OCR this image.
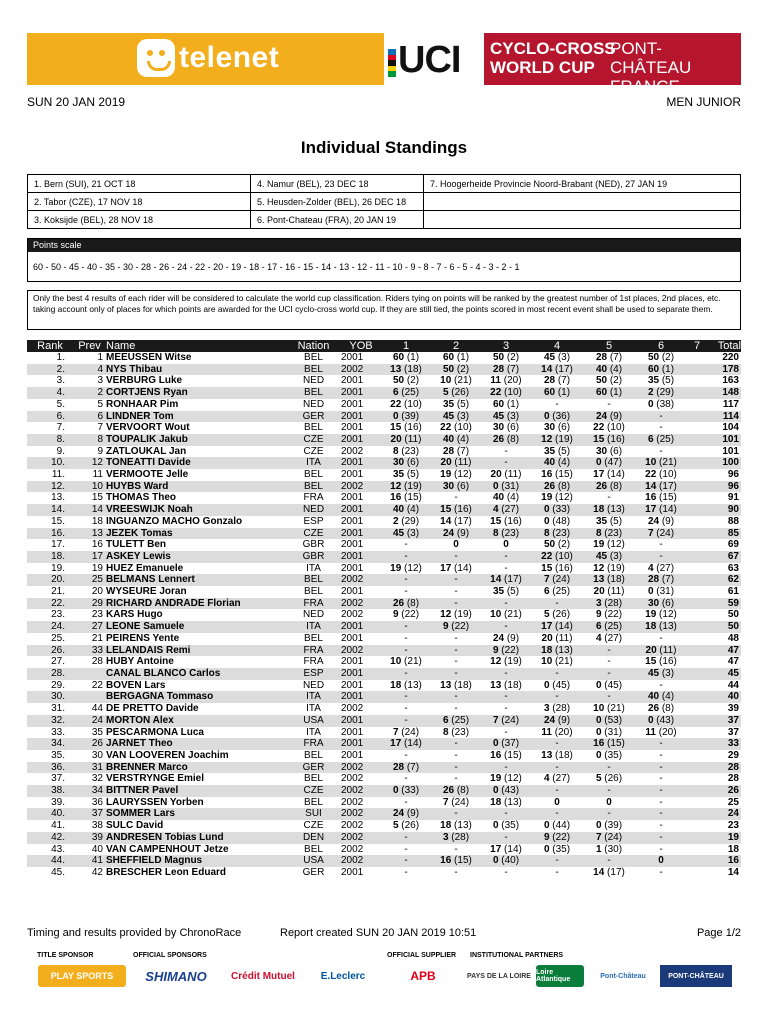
telenet	UCI CYCLO-CROSS
WORLD CUP
PONT-CHÂTEAU
FRANCE
SUN 20 JAN 2019	MEN JUNIOR
Individual Standings
1. Bern (SUI), 21 OCT 18	4. Namur (BEL), 23 DEC 18	7. Hoogerheide Provincie Noord-Brabant (NED), 27 JAN 19
2. Tabor (CZE), 17 NOV 18	5. Heusden-Zolder (BEL), 26 DEC 18	
3. Koksijde (BEL), 28 NOV 18	6. Pont-Chateau (FRA), 20 JAN 19	
Points scale
60 - 50 - 45 - 40 - 35 - 30 - 28 - 26 - 24 - 22 - 20 - 19 - 18 - 17 - 16 - 15 - 14 - 13 - 12 - 11 - 10 - 9 - 8 - 7 - 6 - 5 - 4 - 3 - 2 - 1
Only the best 4 results of each rider will be considered to calculate the world cup classification. Riders tying on points will be ranked by the greatest number of 1st places, 2nd places, etc. taking account only of places for which points are awarded for the UCI cyclo-cross world cup. If they are still tied, the points scored in most recent event shall be used to separate them.
Rank	Prev	Name	Nation	YOB	1	2	3	4	5	6	7	Total
1.	1	MEEUSSEN Witse	BEL	2001	60 (1)	60 (1)	50 (2)	45 (3)	28 (7)	50 (2)		220
2.	4	NYS Thibau	BEL	2002	13 (18)	50 (2)	28 (7)	14 (17)	40 (4)	60 (1)		178
3.	3	VERBURG Luke	NED	2001	50 (2)	10 (21)	11 (20)	28 (7)	50 (2)	35 (5)		163
4.	2	CORTJENS Ryan	BEL	2001	6 (25)	5 (26)	22 (10)	60 (1)	60 (1)	2 (29)		148
5.	5	RONHAAR Pim	NED	2001	22 (10)	35 (5)	60 (1)	-	-	0 (38)		117
6.	6	LINDNER Tom	GER	2001	0 (39)	45 (3)	45 (3)	0 (36)	24 (9)	-		114
7.	7	VERVOORT Wout	BEL	2001	15 (16)	22 (10)	30 (6)	30 (6)	22 (10)	-		104
8.	8	TOUPALIK Jakub	CZE	2001	20 (11)	40 (4)	26 (8)	12 (19)	15 (16)	6 (25)		101
9.	9	ZATLOUKAL Jan	CZE	2002	8 (23)	28 (7)	-	35 (5)	30 (6)	-		101
10.	12	TONEATTI Davide	ITA	2001	30 (6)	20 (11)	-	40 (4)	0 (47)	10 (21)		100
11.	11	VERMOOTE Jelle	BEL	2001	35 (5)	19 (12)	20 (11)	16 (15)	17 (14)	22 (10)		96
12.	10	HUYBS Ward	BEL	2002	12 (19)	30 (6)	0 (31)	26 (8)	26 (8)	14 (17)		96
13.	15	THOMAS Theo	FRA	2001	16 (15)	-	40 (4)	19 (12)	-	16 (15)		91
14.	14	VREESWIJK Noah	NED	2001	40 (4)	15 (16)	4 (27)	0 (33)	18 (13)	17 (14)		90
15.	18	INGUANZO MACHO Gonzalo	ESP	2001	2 (29)	14 (17)	15 (16)	0 (48)	35 (5)	24 (9)		88
16.	13	JEZEK Tomas	CZE	2001	45 (3)	24 (9)	8 (23)	8 (23)	8 (23)	7 (24)		85
17.	16	TULETT Ben	GBR	2001	-	0	0	50 (2)	19 (12)	-		69
18.	17	ASKEY Lewis	GBR	2001	-	-	-	22 (10)	45 (3)	-		67
19.	19	HUEZ Emanuele	ITA	2001	19 (12)	17 (14)	-	15 (16)	12 (19)	4 (27)		63
20.	25	BELMANS Lennert	BEL	2002	-	-	14 (17)	7 (24)	13 (18)	28 (7)		62
21.	20	WYSEURE Joran	BEL	2001	-	-	35 (5)	6 (25)	20 (11)	0 (31)		61
22.	29	RICHARD ANDRADE Florian	FRA	2002	26 (8)	-	-	-	3 (28)	30 (6)		59
23.	23	KARS Hugo	NED	2002	9 (22)	12 (19)	10 (21)	5 (26)	9 (22)	19 (12)		50
24.	27	LEONE Samuele	ITA	2001	-	9 (22)	-	17 (14)	6 (25)	18 (13)		50
25.	21	PEIRENS Yente	BEL	2001	-	-	24 (9)	20 (11)	4 (27)	-		48
26.	33	LELANDAIS Remi	FRA	2002	-	-	9 (22)	18 (13)	-	20 (11)		47
27.	28	HUBY Antoine	FRA	2001	10 (21)	-	12 (19)	10 (21)	-	15 (16)		47
28.		CANAL BLANCO Carlos	ESP	2001	-	-	-	-	-	45 (3)		45
29.	22	BOVEN Lars	NED	2001	18 (13)	13 (18)	13 (18)	0 (45)	0 (45)	-		44
30.		BERGAGNA Tommaso	ITA	2001	-	-	-	-	-	40 (4)		40
31.	44	DE PRETTO Davide	ITA	2002	-	-	-	3 (28)	10 (21)	26 (8)		39
32.	24	MORTON Alex	USA	2001	-	6 (25)	7 (24)	24 (9)	0 (53)	0 (43)		37
33.	35	PESCARMONA Luca	ITA	2001	7 (24)	8 (23)	-	11 (20)	0 (31)	11 (20)		37
34.	26	JARNET Theo	FRA	2001	17 (14)	-	0 (37)	-	16 (15)	-		33
35.	30	VAN LOOVEREN Joachim	BEL	2001	-	-	16 (15)	13 (18)	0 (35)	-		29
36.	31	BRENNER Marco	GER	2002	28 (7)	-	-	-	-	-		28
37.	32	VERSTRYNGE Emiel	BEL	2002	-	-	19 (12)	4 (27)	5 (26)	-		28
38.	34	BITTNER Pavel	CZE	2002	0 (33)	26 (8)	0 (43)	-	-	-		26
39.	36	LAURYSSEN Yorben	BEL	2002	-	7 (24)	18 (13)	0	0	-		25
40.	37	SOMMER Lars	SUI	2002	24 (9)	-	-	-	-	-		24
41.	38	SULC David	CZE	2002	5 (26)	18 (13)	0 (35)	0 (44)	0 (39)	-		23
42.	39	ANDRESEN Tobias Lund	DEN	2002	-	3 (28)	-	9 (22)	7 (24)	-		19
43.	40	VAN CAMPENHOUT Jetze	BEL	2002	-	-	17 (14)	0 (35)	1 (30)	-		18
44.	41	SHEFFIELD Magnus	USA	2002	-	16 (15)	0 (40)	-	-	0		16
45.	42	BRESCHER Leon Eduard	GER	2001	-	-	-	-	14 (17)	-		14
Timing and results provided by ChronoRace	Report created SUN 20 JAN 2019 10:51	Page 1/2
TITLE SPONSOR	OFFICIAL SPONSORS	OFFICIAL SUPPLIER INSTITUTIONAL PARTNERS
PLAY SPORTS	SHIMANO	Crédit Mutuel	E.Leclerc	APB	PAYS DE LA LOIRE Loire Atlantique	Pont-Château	PONT-CHÂTEAU
